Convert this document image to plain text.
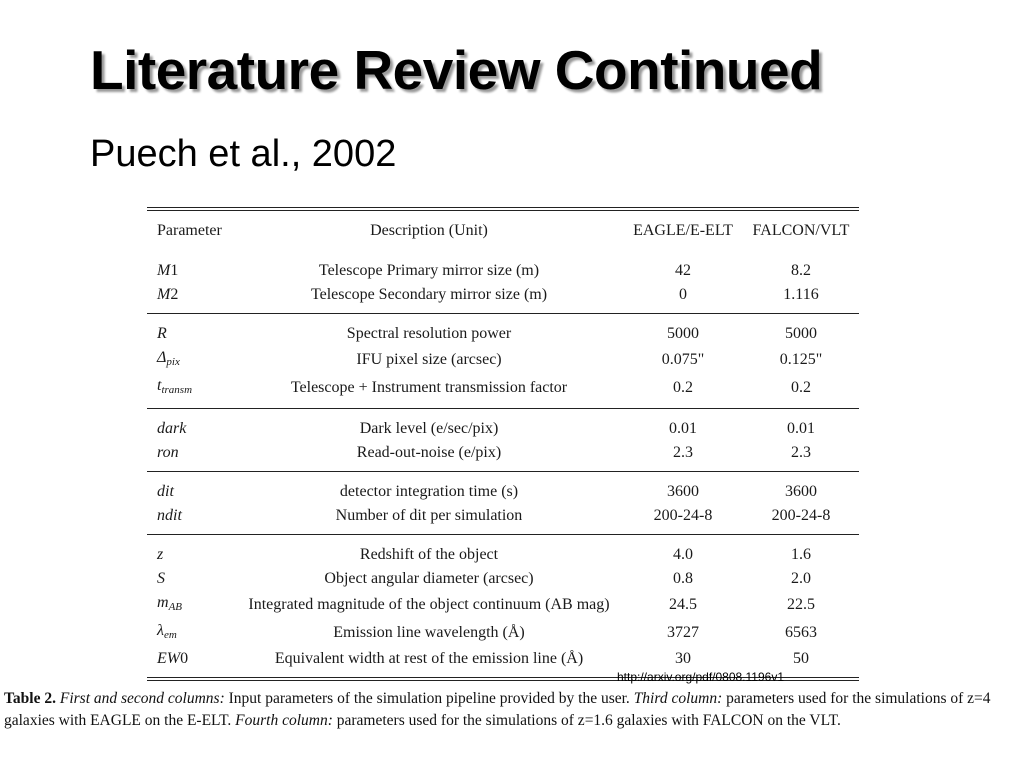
Literature Review Continued
Puech et al., 2002
Parameter	Description (Unit)	EAGLE/E-ELT	FALCON/VLT
M1	Telescope Primary mirror size (m)	42	8.2
M2	Telescope Secondary mirror size (m)	0	1.116

R	Spectral resolution power	5000	5000
$\Delta_{pix}$	IFU pixel size (arcsec)	0.075"	0.125"
$t_{transm}$	Telescope + Instrument transmission factor	0.2	0.2

dark	Dark level (e/sec/pix)	0.01	0.01
ron	Read-out-noise (e/pix)	2.3	2.3

dit	detector integration time (s)	3600	3600
ndit	Number of dit per simulation	200-24-8	200-24-8

z	Redshift of the object	4.0	1.6
S	Object angular diameter (arcsec)	0.8	2.0
$m_{AB}$	Integrated magnitude of the object continuum (AB mag)	24.5	22.5
$\lambda_{em}$	Emission line wavelength (Å)	3727	6563
EW0	Equivalent width at rest of the emission line (Å)	30	50
http://arxiv.org/pdf/0808.1196v1
Table 2. First and second columns: Input parameters of the simulation pipeline provided by the user. Third column: parameters used for the simulations of z=4 galaxies with EAGLE on the E-ELT. Fourth column: parameters used for the simulations of z=1.6 galaxies with FALCON on the VLT.
